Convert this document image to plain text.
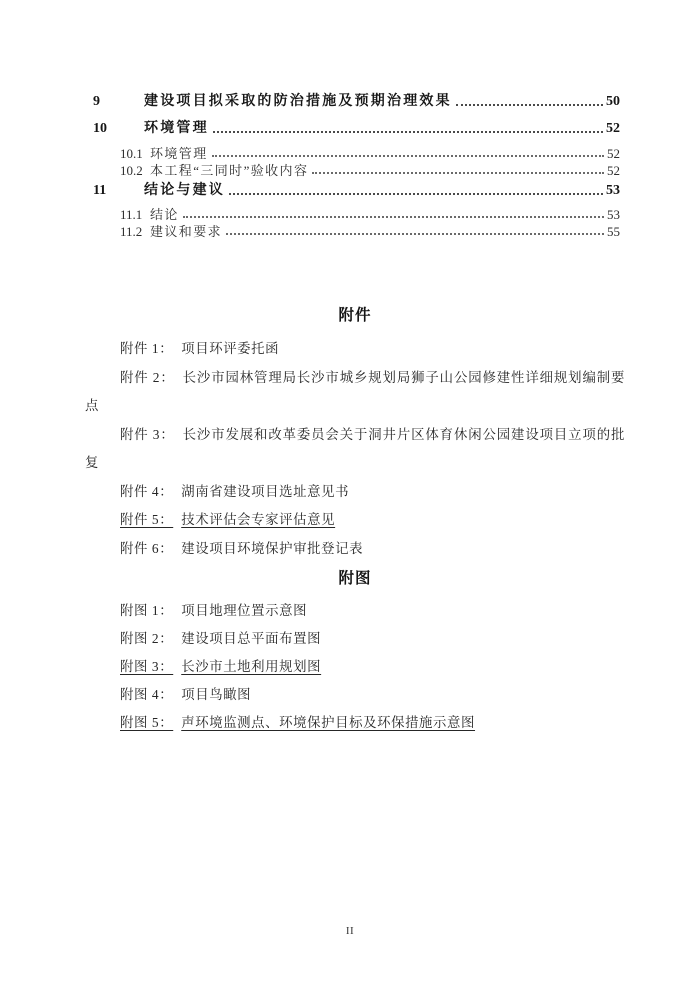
9	建设项目拟采取的防治措施及预期治理效果	50
10	环境管理	52
10.1 环境管理	52
10.2 本工程“三同时”验收内容	52
11	结论与建议	53
11.1 结论	53
11.2 建议和要求	55
附件
附件 1： 项目环评委托函
附件 2： 长沙市园林管理局长沙市城乡规划局狮子山公园修建性详细规划编制要点
附件 3： 长沙市发展和改革委员会关于洞井片区体育休闲公园建设项目立项的批复
附件 4： 湖南省建设项目选址意见书
附件 5： 技术评估会专家评估意见
附件 6： 建设项目环境保护审批登记表
附图
附图 1： 项目地理位置示意图
附图 2： 建设项目总平面布置图
附图 3： 长沙市土地利用规划图
附图 4： 项目鸟瞰图
附图 5： 声环境监测点、环境保护目标及环保措施示意图
II
